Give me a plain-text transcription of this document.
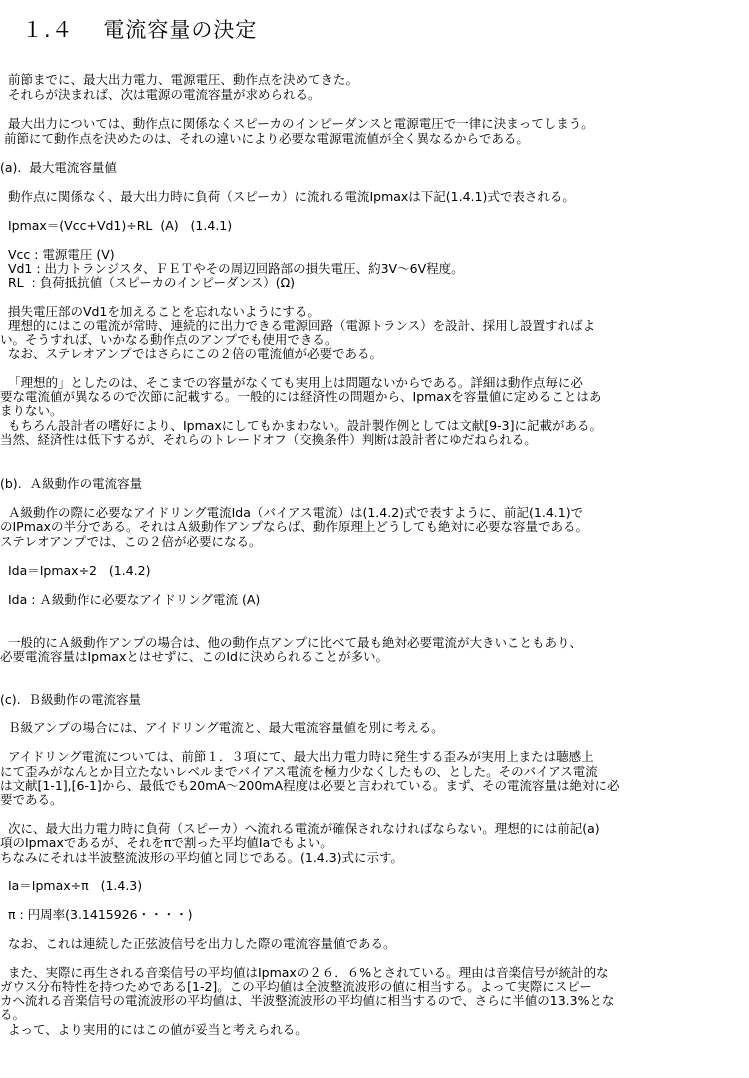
１.４　 電流容量の決定
前節までに、最大出力電力、電源電圧、動作点を決めてきた。
それらが決まれば、次は電源の電流容量が求められる。
最大出力については、動作点に関係なくスピーカのインピーダンスと電源電圧で一律に決まってしまう。
前節にて動作点を決めたのは、それの違いにより必要な電源電流値が全く異なるからである。
(a).  最大電流容量値
動作点に関係なく、最大出力時に負荷（スピーカ）に流れる電流Ipmaxは下記(1.4.1)式で表される。
Ipmax＝(Vcc+Vd1)÷RL  (A)   (1.4.1)
Vcc : 電源電圧 (V)
Vd1 : 出力トランジスタ、ＦＥＴやその周辺回路部の損失電圧、約3V～6V程度。
RL  : 負荷抵抗値（スピーカのインピーダンス）(Ω)
損失電圧部のVd1を加えることを忘れないようにする。
理想的にはこの電流が常時、連続的に出力できる電源回路（電源トランス）を設計、採用し設置すればよ
い。そうすれば、いかなる動作点のアンプでも使用できる。
なお、ステレオアンプではさらにこの２倍の電流値が必要である。
「理想的」としたのは、そこまでの容量がなくても実用上は問題ないからである。詳細は動作点毎に必
要な電流値が異なるので次節に記載する。一般的には経済性の問題から、Ipmaxを容量値に定めることはあ
まりない。
もちろん設計者の嗜好により、Ipmaxにしてもかまわない。設計製作例としては文献[9-3]に記載がある。
当然、経済性は低下するが、それらのトレードオフ（交換条件）判断は設計者にゆだねられる。
(b).  Ａ級動作の電流容量
Ａ級動作の際に必要なアイドリング電流Ida（バイアス電流）は(1.4.2)式で表すように、前記(1.4.1)で
のIPmaxの半分である。それはＡ級動作アンプならば、動作原理上どうしても絶対に必要な容量である。
ステレオアンプでは、この２倍が必要になる。
Ida＝Ipmax÷2   (1.4.2)
Ida : Ａ級動作に必要なアイドリング電流 (A)
一般的にＡ級動作アンプの場合は、他の動作点アンプに比べて最も絶対必要電流が大きいこともあり、
必要電流容量はIpmaxとはせずに、このIdに決められることが多い。
(c).  Ｂ級動作の電流容量
Ｂ級アンプの場合には、アイドリング電流と、最大電流容量値を別に考える。
アイドリング電流については、前節１．３項にて、最大出力電力時に発生する歪みが実用上または聴感上
にて歪みがなんとか目立たないレベルまでバイアス電流を極力少なくしたもの、とした。そのバイアス電流
は文献[1-1],[6-1]から、最低でも20mA～200mA程度は必要と言われている。まず、その電流容量は絶対に必
要である。
次に、最大出力電力時に負荷（スピーカ）へ流れる電流が確保されなければならない。理想的には前記(a)
項のIpmaxであるが、それをπで割った平均値Iaでもよい。
ちなみにそれは半波整流波形の平均値と同じである。(1.4.3)式に示す。
Ia＝Ipmax÷π   (1.4.3)
π : 円周率(3.1415926・・・・)
なお、これは連続した正弦波信号を出力した際の電流容量値である。
また、実際に再生される音楽信号の平均値はIpmaxの２６．６%とされている。理由は音楽信号が統計的な
ガウス分布特性を持つためである[1-2]。この平均値は全波整流波形の値に相当する。よって実際にスピー
カへ流れる音楽信号の電流波形の平均値は、半波整流波形の平均値に相当するので、さらに半値の13.3%とな
る。
よって、より実用的にはこの値が妥当と考えられる。
